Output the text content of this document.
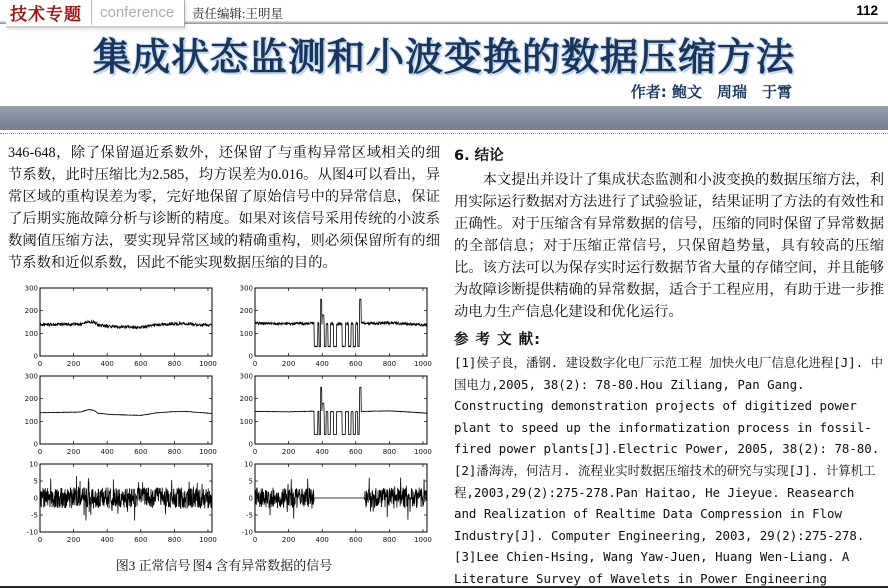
技术专题	conference 责任编辑:王明星	112
集成状态监测和小波变换的数据压缩方法
作者: 鲍文　周瑞　于霄

346-648，除了保留逼近系数外，还保留了与重构异常区域相关的细节系数，此时压缩比为2.585，均方误差为0.016。从图4可以看出，异常区域的重构误差为零，完好地保留了原始信号中的异常信息，保证了后期实施故障分析与诊断的精度。如果对该信号采用传统的小波系数阈值压缩方法，要实现异常区域的精确重构，则必须保留所有的细节系数和近似系数，因此不能实现数据压缩的目的。

0	200	400	600	800	1000
0
100
200
300
0	200	400	600	800	1000
0
100
200
300
0	200	400	600	800	1000
0
100
200
300
0	200	400	600	800	1000
0
100
200
300
0	200	400	600	800	1000
-10
-5
0
5
10
0	200	400	600	800	1000
-10
-5
0
5
10
图3 正常信号 图4 含有异常数据的信号
6. 结论

本文提出并设计了集成状态监测和小波变换的数据压缩方法，利用实际运行数据对方法进行了试验验证，结果证明了方法的有效性和正确性。对于压缩含有异常数据的信号，压缩的同时保留了异常数据的全部信息；对于压缩正常信号，只保留趋势量，具有较高的压缩比。该方法可以为保存实时运行数据节省大量的存储空间，并且能够为故障诊断提供精确的异常数据，适合于工程应用，有助于进一步推动电力生产信息化建设和优化运行。

参 考 文 献:

[1]侯子良，潘钢. 建设数字化电厂示范工程 加快火电厂信息化进程[J]. 中国电力,2005, 38(2): 78-80.Hou Ziliang, Pan Gang. Constructing demonstration projects of digitized power plant to speed up the informatization process in fossil-fired power plants[J].Electric Power, 2005, 38(2): 78-80.

[2]潘海涛，何洁月. 流程业实时数据压缩技术的研究与实现[J]. 计算机工程,2003,29(2):275-278.Pan Haitao, He Jieyue. Reasearch and Realization of Realtime Data Compression in Flow Industry[J]. Computer Engineering, 2003, 29(2):275-278.

[3]Lee Chien-Hsing, Wang Yaw-Juen, Huang Wen-Liang. A Literature Survey of Wavelets in Power Engineering
